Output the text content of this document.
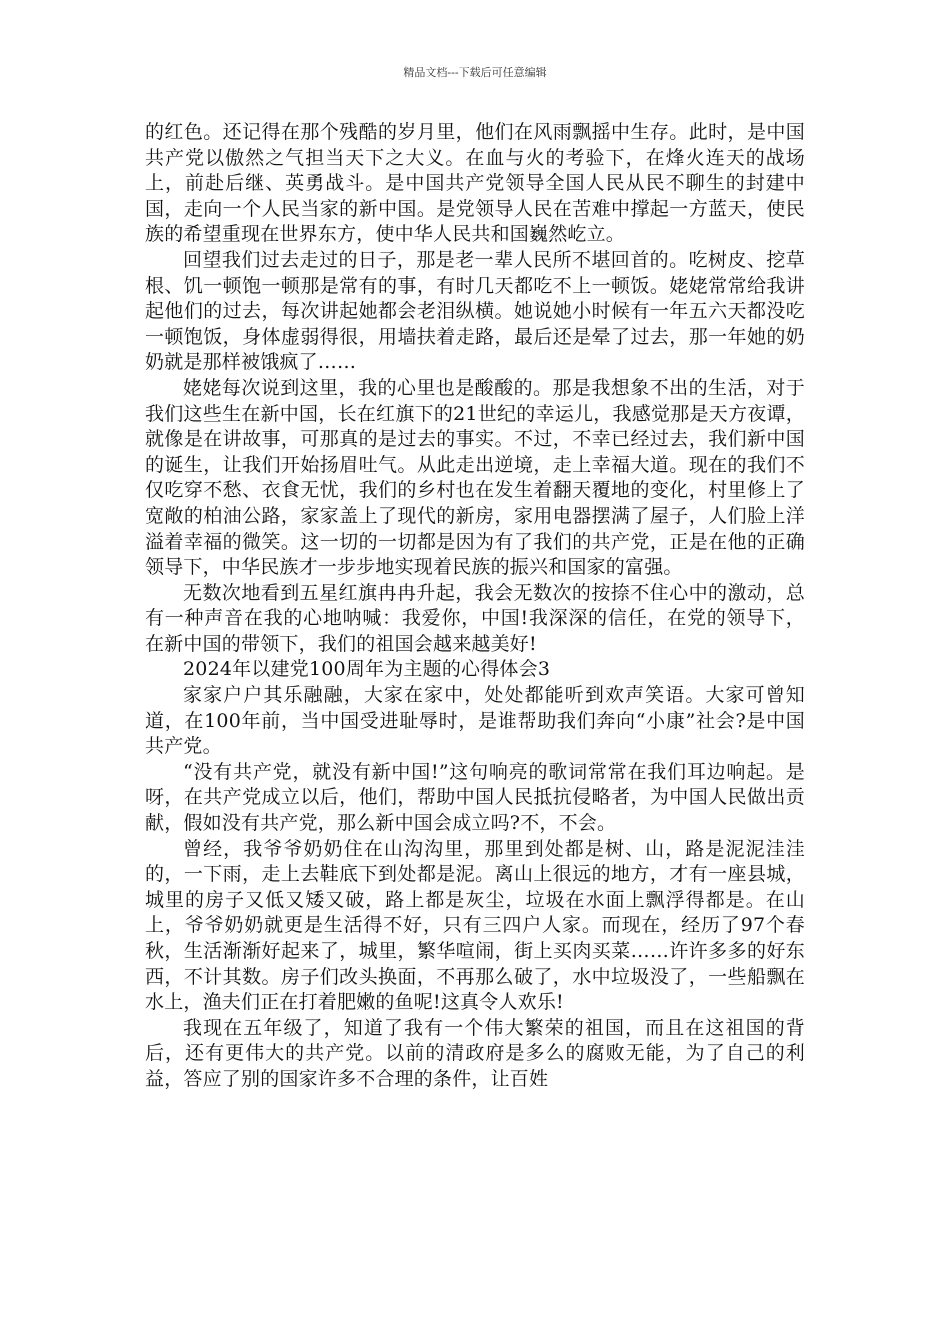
精品文档---下载后可任意编辑

的红色。还记得在那个残酷的岁月里，他们在风雨飘摇中生存。此时，是中国共产党以傲然之气担当天下之大义。在血与火的考验下，在烽火连天的战场上，前赴后继、英勇战斗。是中国共产党领导全国人民从民不聊生的封建中国，走向一个人民当家的新中国。是党领导人民在苦难中撑起一方蓝天，使民族的希望重现在世界东方，使中华人民共和国巍然屹立。

回望我们过去走过的日子，那是老一辈人民所不堪回首的。吃树皮、挖草根、饥一顿饱一顿那是常有的事，有时几天都吃不上一顿饭。姥姥常常给我讲起他们的过去，每次讲起她都会老泪纵横。她说她小时候有一年五六天都没吃一顿饱饭，身体虚弱得很，用墙扶着走路，最后还是晕了过去，那一年她的奶奶就是那样被饿疯了……

姥姥每次说到这里，我的心里也是酸酸的。那是我想象不出的生活，对于我们这些生在新中国，长在红旗下的21世纪的幸运儿，我感觉那是天方夜谭，就像是在讲故事，可那真的是过去的事实。不过，不幸已经过去，我们新中国的诞生，让我们开始扬眉吐气。从此走出逆境，走上幸福大道。现在的我们不仅吃穿不愁、衣食无忧，我们的乡村也在发生着翻天覆地的变化，村里修上了宽敞的柏油公路，家家盖上了现代的新房，家用电器摆满了屋子，人们脸上洋溢着幸福的微笑。这一切的一切都是因为有了我们的共产党，正是在他的正确领导下，中华民族才一步步地实现着民族的振兴和国家的富强。

无数次地看到五星红旗冉冉升起，我会无数次的按捺不住心中的激动，总有一种声音在我的心地呐喊：我爱你，中国!我深深的信任，在党的领导下，在新中国的带领下，我们的祖国会越来越美好!

2024年以建党100周年为主题的心得体会3

家家户户其乐融融，大家在家中，处处都能听到欢声笑语。大家可曾知道，在100年前，当中国受进耻辱时，是谁帮助我们奔向“小康”社会?是中国共产党。

“没有共产党，就没有新中国!”这句响亮的歌词常常在我们耳边响起。是呀，在共产党成立以后，他们，帮助中国人民抵抗侵略者，为中国人民做出贡献，假如没有共产党，那么新中国会成立吗?不，不会。

曾经，我爷爷奶奶住在山沟沟里，那里到处都是树、山，路是泥泥洼洼的，一下雨，走上去鞋底下到处都是泥。离山上很远的地方，才有一座县城，城里的房子又低又矮又破，路上都是灰尘，垃圾在水面上飘浮得都是。在山上，爷爷奶奶就更是生活得不好，只有三四户人家。而现在，经历了97个春秋，生活渐渐好起来了，城里，繁华喧闹，街上买肉买菜……许许多多的好东西，不计其数。房子们改头换面，不再那么破了，水中垃圾没了，一些船飘在水上，渔夫们正在打着肥嫩的鱼呢!这真令人欢乐!

我现在五年级了，知道了我有一个伟大繁荣的祖国，而且在这祖国的背后，还有更伟大的共产党。以前的清政府是多么的腐败无能，为了自己的利益，答应了别的国家许多不合理的条件，让百姓
